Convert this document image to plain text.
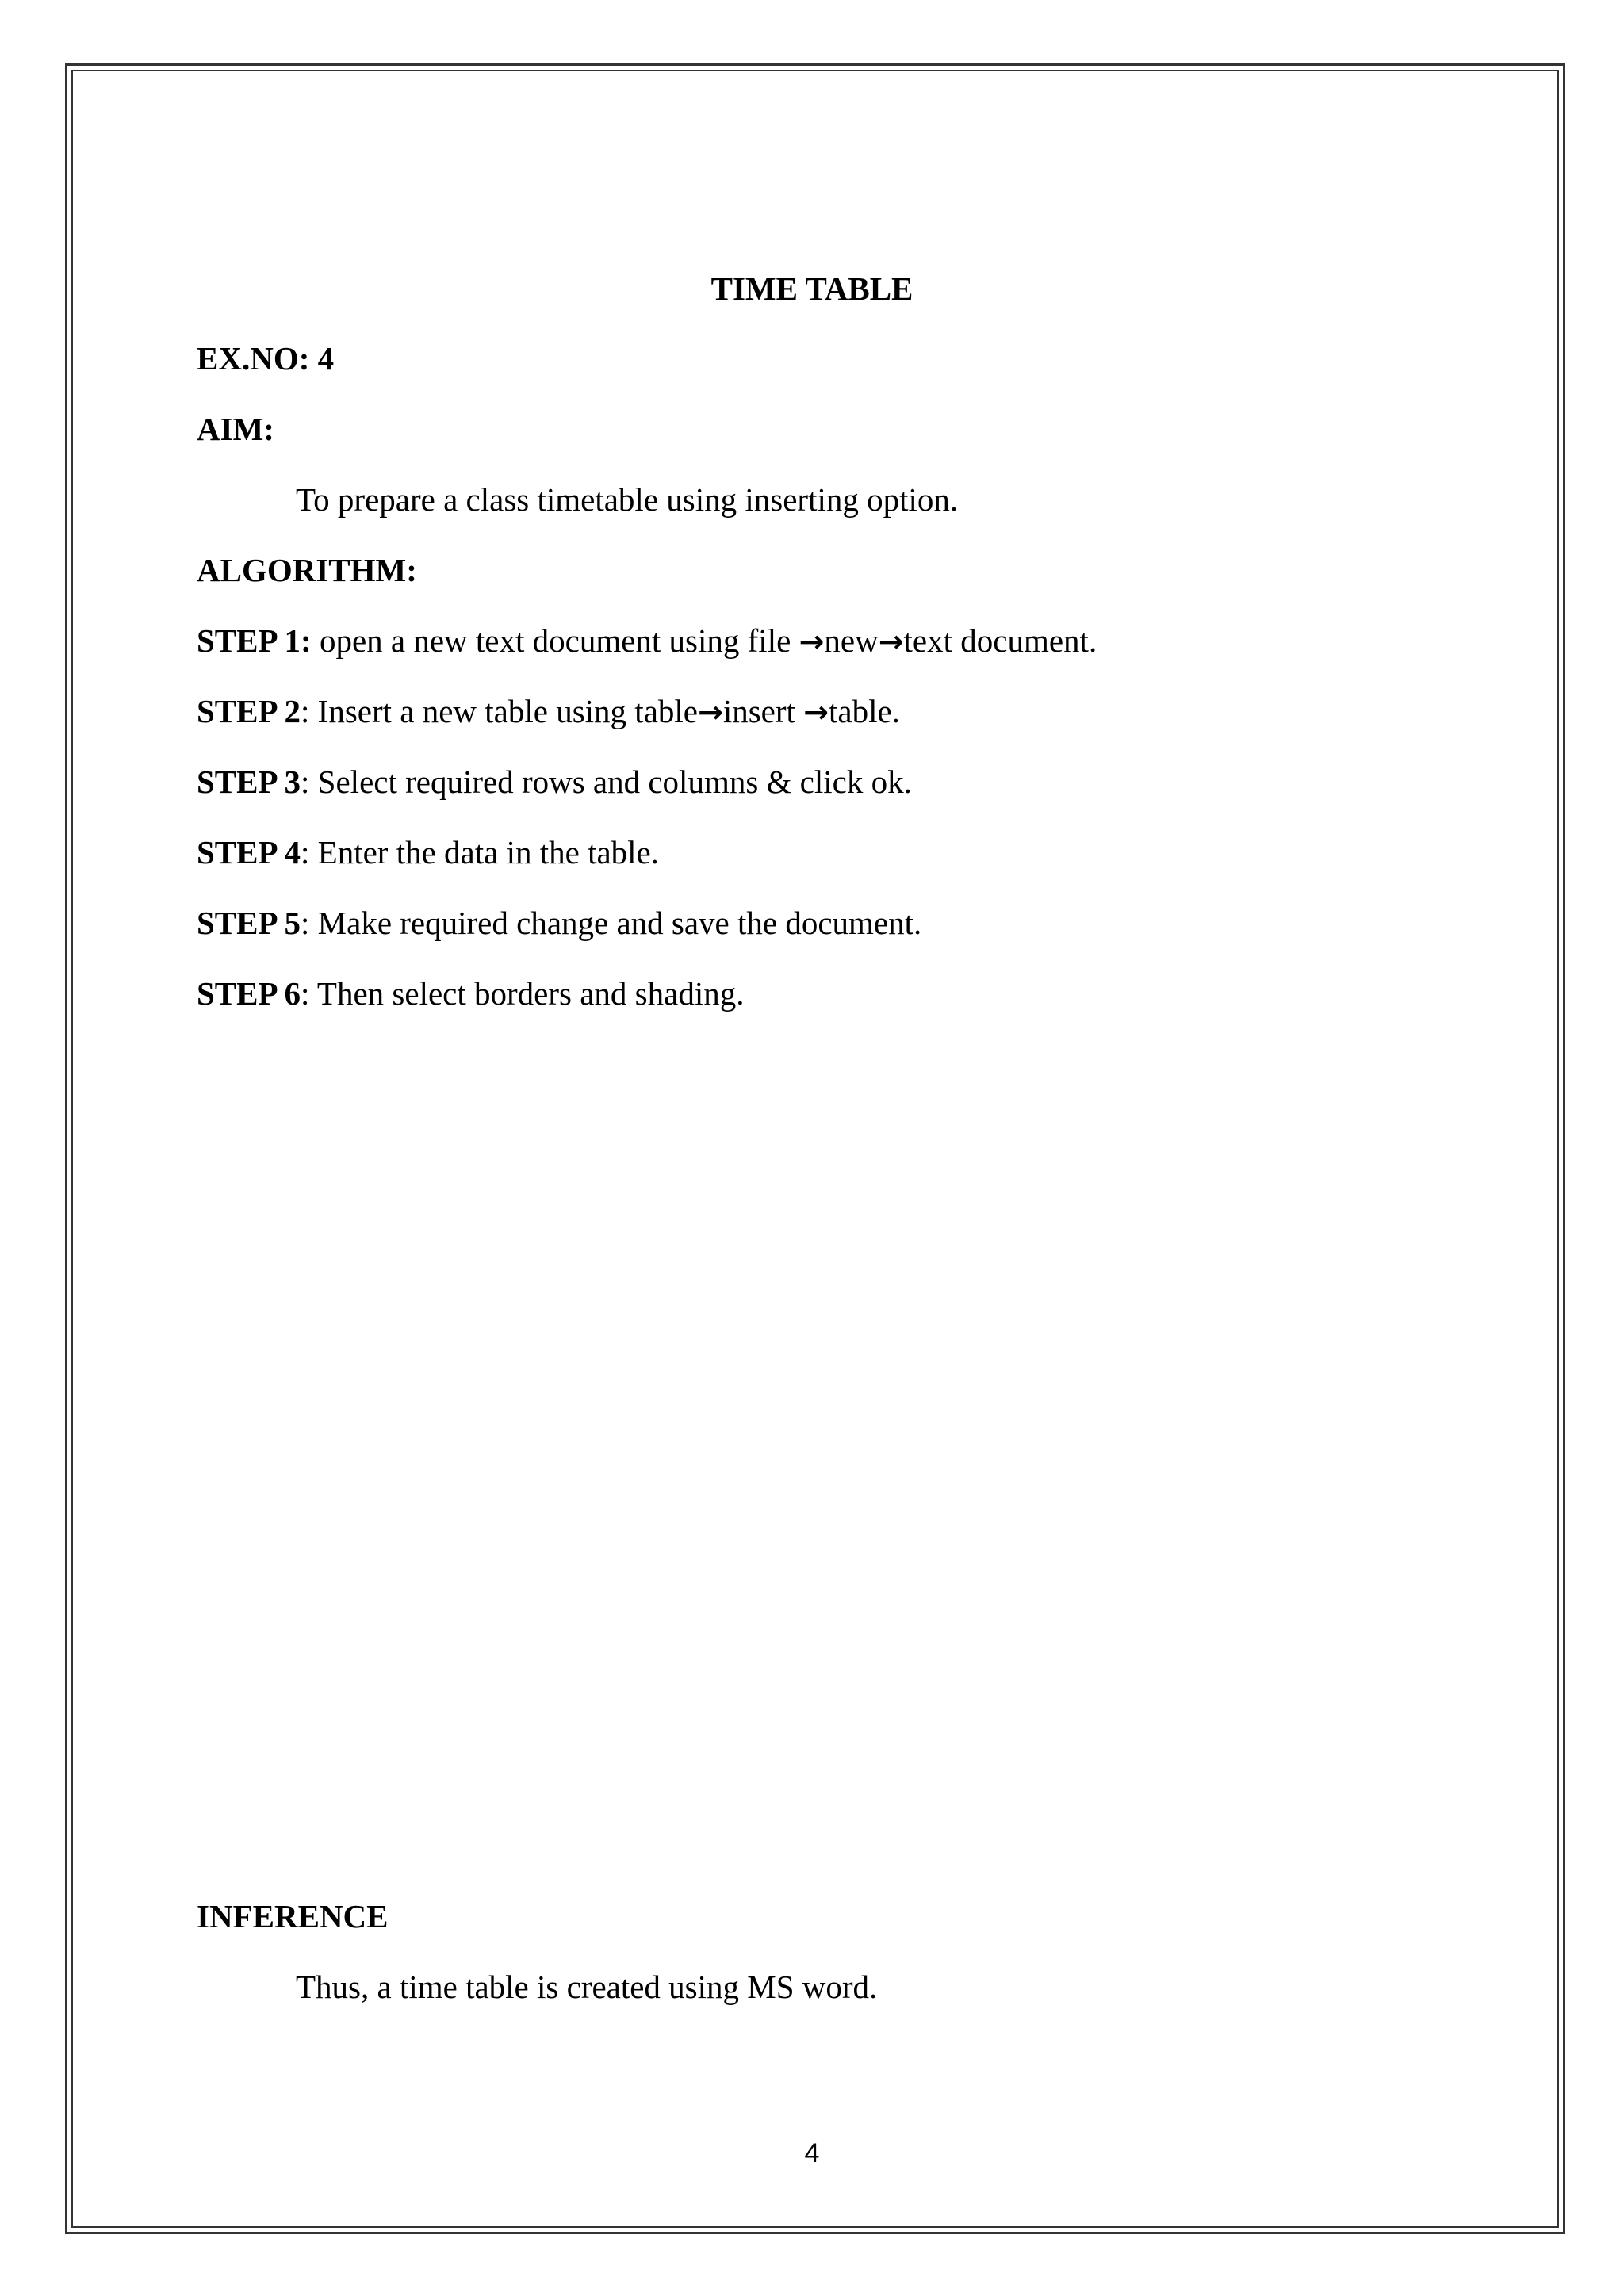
TIME TABLE

EX.NO: 4

AIM:

To prepare a class timetable using inserting option.

ALGORITHM:

STEP 1: open a new text document using file →new→text document.

STEP 2: Insert a new table using table→insert →table.

STEP 3: Select required rows and columns & click ok.

STEP 4: Enter the data in the table.

STEP 5: Make required change and save the document.

STEP 6: Then select borders and shading.

INFERENCE

Thus, a time table is created using MS word.

4
